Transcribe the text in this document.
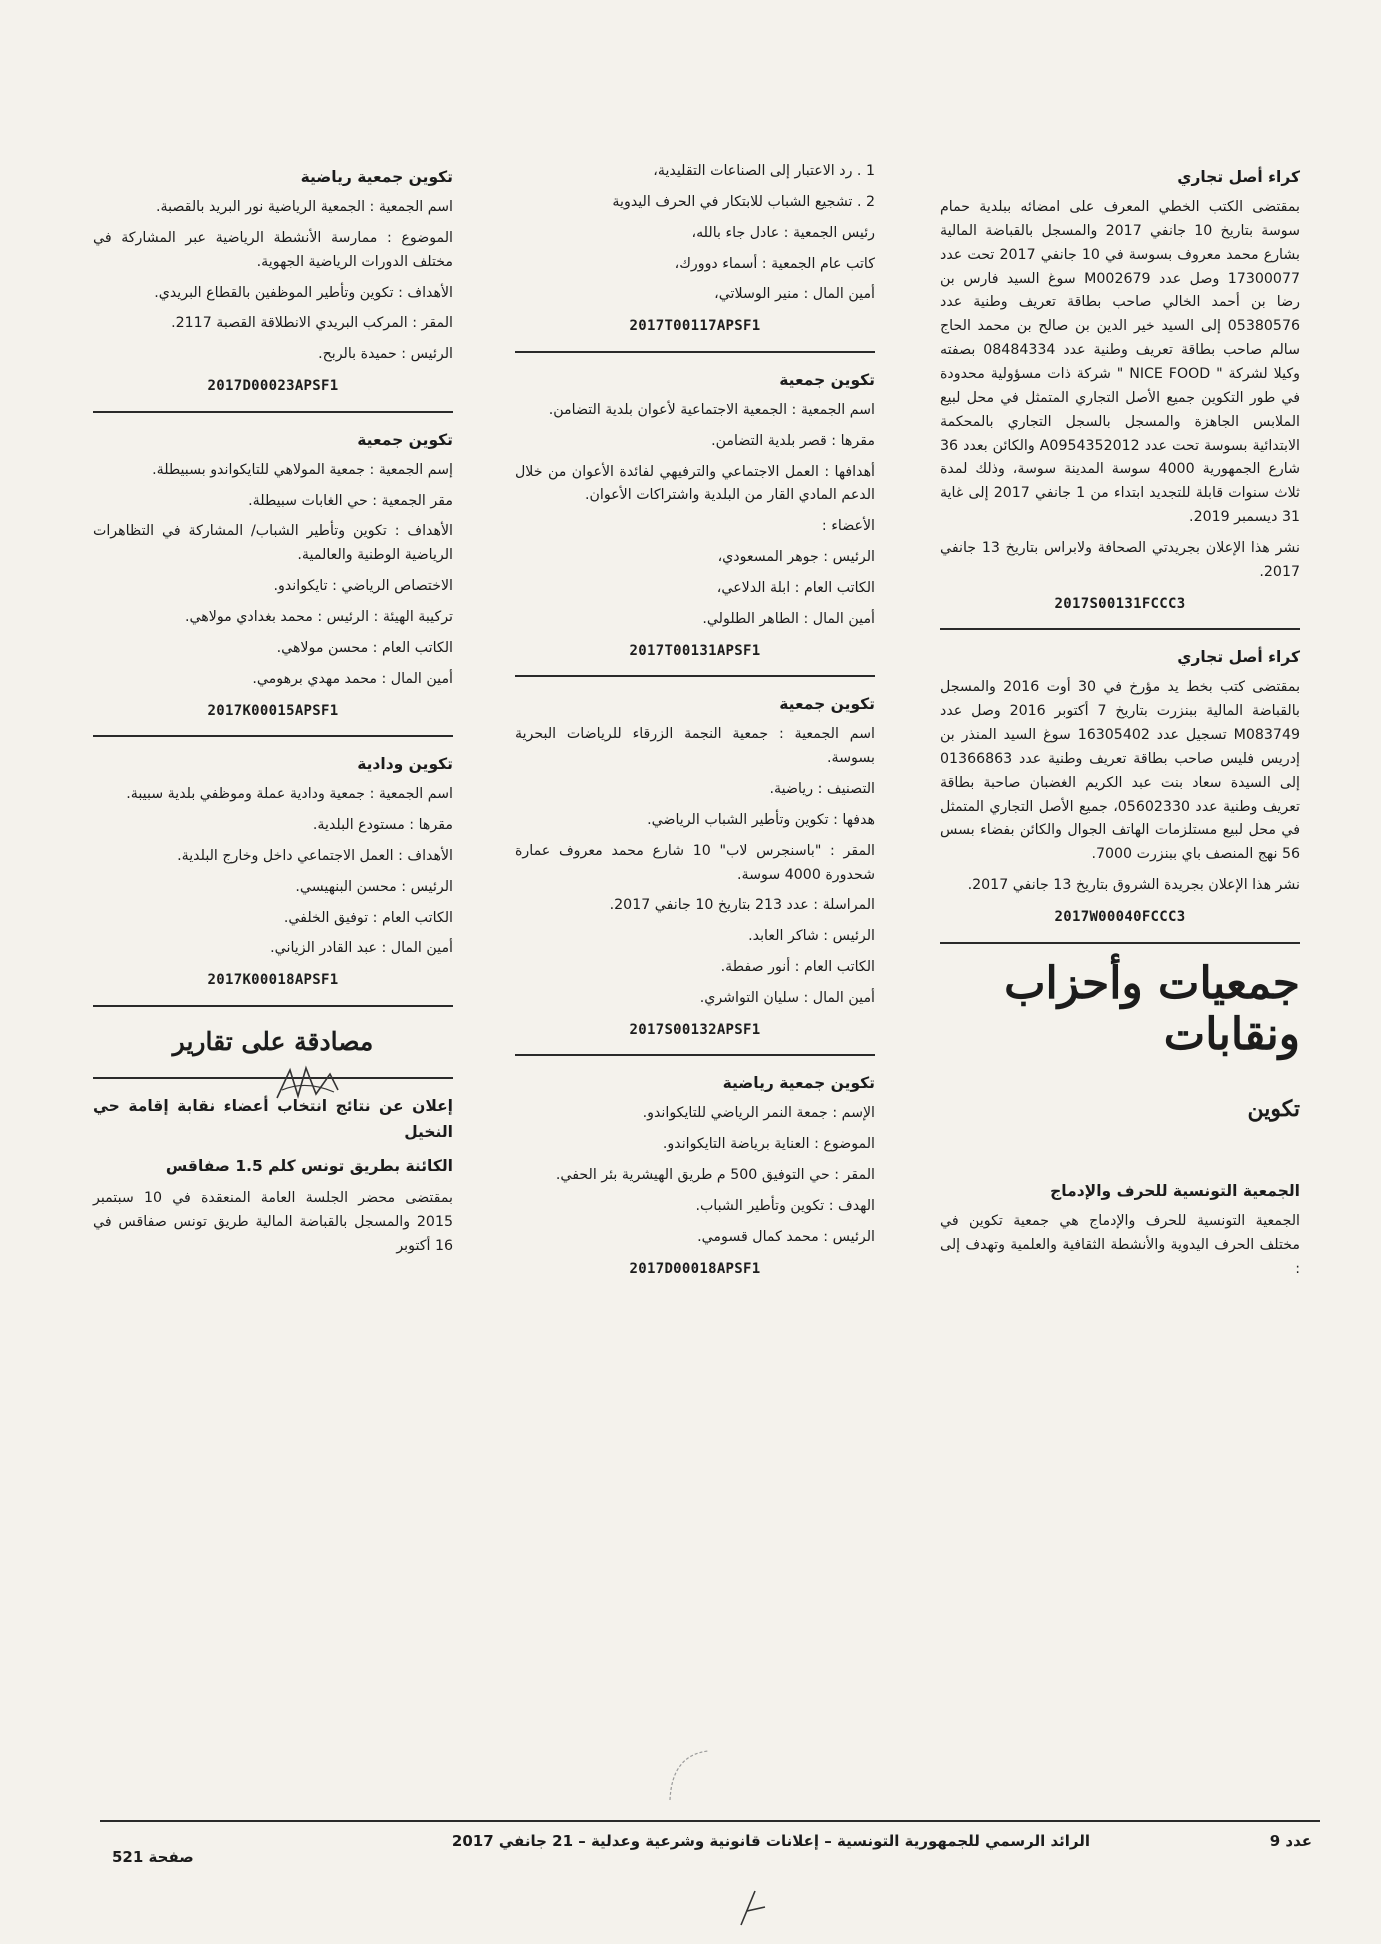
كراء أصل تجاري
بمقتضى الكتب الخطي المعرف على امضائه ببلدية حمام سوسة بتاريخ 10 جانفي 2017 والمسجل بالقباضة المالية بشارع محمد معروف بسوسة في 10 جانفي 2017 تحت عدد 17300077 وصل عدد M002679 سوغ السيد فارس بن رضا بن أحمد الخالي صاحب بطاقة تعريف وطنية عدد 05380576 إلى السيد خير الدين بن صالح بن محمد الحاج سالم صاحب بطاقة تعريف وطنية عدد 08484334 بصفته وكيلا لشركة " NICE FOOD " شركة ذات مسؤولية محدودة في طور التكوين جميع الأصل التجاري المتمثل في محل لبيع الملابس الجاهزة والمسجل بالسجل التجاري بالمحكمة الابتدائية بسوسة تحت عدد A0954352012 والكائن بعدد 36 شارع الجمهورية 4000 سوسة المدينة سوسة، وذلك لمدة ثلاث سنوات قابلة للتجديد ابتداء من 1 جانفي 2017 إلى غاية 31 ديسمبر 2019.
نشر هذا الإعلان بجريدتي الصحافة ولابراس بتاريخ 13 جانفي 2017.
2017S00131FCCC3
كراء أصل تجاري
بمقتضى كتب بخط يد مؤرخ في 30 أوت 2016 والمسجل بالقباضة المالية ببنزرت بتاريخ 7 أكتوبر 2016 وصل عدد M083749 تسجيل عدد 16305402 سوغ السيد المنذر بن إدريس فليس صاحب بطاقة تعريف وطنية عدد 01366863 إلى السيدة سعاد بنت عبد الكريم الغضبان صاحبة بطاقة تعريف وطنية عدد 05602330، جميع الأصل التجاري المتمثل في محل لبيع مستلزمات الهاتف الجوال والكائن بفضاء بسس 56 نهج المنصف باي ببنزرت 7000.
نشر هذا الإعلان بجريدة الشروق بتاريخ 13 جانفي 2017.
2017W00040FCCC3
جمعيات وأحزاب ونقابات
تكوين
الجمعية التونسية للحرف والإدماج
الجمعية التونسية للحرف والإدماج هي جمعية تكوين في مختلف الحرف اليدوية والأنشطة الثقافية والعلمية وتهدف إلى :
1 . رد الاعتبار إلى الصناعات التقليدية،
2 . تشجيع الشباب للابتكار في الحرف اليدوية
رئيس الجمعية : عادل جاء بالله،
كاتب عام الجمعية : أسماء دوورك،
أمين المال : منير الوسلاتي،
2017T00117APSF1
تكوين جمعية
اسم الجمعية : الجمعية الاجتماعية لأعوان بلدية التضامن.
مقرها : قصر بلدية التضامن.
أهدافها : العمل الاجتماعي والترفيهي لفائدة الأعوان من خلال الدعم المادي القار من البلدية واشتراكات الأعوان.
الأعضاء :
الرئيس : جوهر المسعودي،
الكاتب العام : ابلة الدلاعي،
أمين المال : الطاهر الطلولي.
2017T00131APSF1
تكوين جمعية
اسم الجمعية : جمعية النجمة الزرقاء للرياضات البحرية بسوسة.
التصنيف : رياضية.
هدفها : تكوين وتأطير الشباب الرياضي.
المقر : "باسنجرس لاب" 10 شارع محمد معروف عمارة شحدورة 4000 سوسة.
المراسلة : عدد 213 بتاريخ 10 جانفي 2017.
الرئيس : شاكر العابد.
الكاتب العام : أنور صفطة.
أمين المال : سليان التواشري.
2017S00132APSF1
تكوين جمعية رياضية
الإسم : جمعة النمر الرياضي للتايكواندو.
الموضوع : العناية برياضة التايكواندو.
المقر : حي التوفيق 500 م طريق الهيشرية بئر الحفي.
الهدف : تكوين وتأطير الشباب.
الرئيس : محمد كمال قسومي.
2017D00018APSF1
تكوين جمعية رياضية
اسم الجمعية : الجمعية الرياضية نور البريد بالقصبة.
الموضوع : ممارسة الأنشطة الرياضية عبر المشاركة في مختلف الدورات الرياضية الجهوية.
الأهداف : تكوين وتأطير الموظفين بالقطاع البريدي.
المقر : المركب البريدي الانطلاقة القصبة 2117.
الرئيس : حميدة بالربح.
2017D00023APSF1
تكوين جمعية
إسم الجمعية : جمعية المولاهي للتايكواندو بسبيطلة.
مقر الجمعية : حي الغابات سبيطلة.
الأهداف : تكوين وتأطير الشباب/ المشاركة في التظاهرات الرياضية الوطنية والعالمية.
الاختصاص الرياضي : تايكواندو.
تركيبة الهيئة : الرئيس : محمد بغدادي مولاهي.
الكاتب العام : محسن مولاهي.
أمين المال : محمد مهدي برهومي.
2017K00015APSF1
تكوين ودادية
اسم الجمعية : جمعية ودادية عملة وموظفي بلدية سبيبة.
مقرها : مستودع البلدية.
الأهداف : العمل الاجتماعي داخل وخارج البلدية.
الرئيس : محسن البنهيسي.
الكاتب العام : توفيق الخلفي.
أمين المال : عبد القادر الزياني.
2017K00018APSF1
مصادقة على تقارير
إعلان عن نتائج انتخاب أعضاء نقابة إقامة حي النخيل
الكائنة بطريق تونس كلم 1.5 صفاقس
بمقتضى محضر الجلسة العامة المنعقدة في 10 سبتمبر 2015 والمسجل بالقباضة المالية طريق تونس صفاقس في 16 أكتوبر
عدد 9
الرائد الرسمي للجمهورية التونسية – إعلانات قانونية وشرعية وعدلية – 21 جانفي 2017
صفحة 521
